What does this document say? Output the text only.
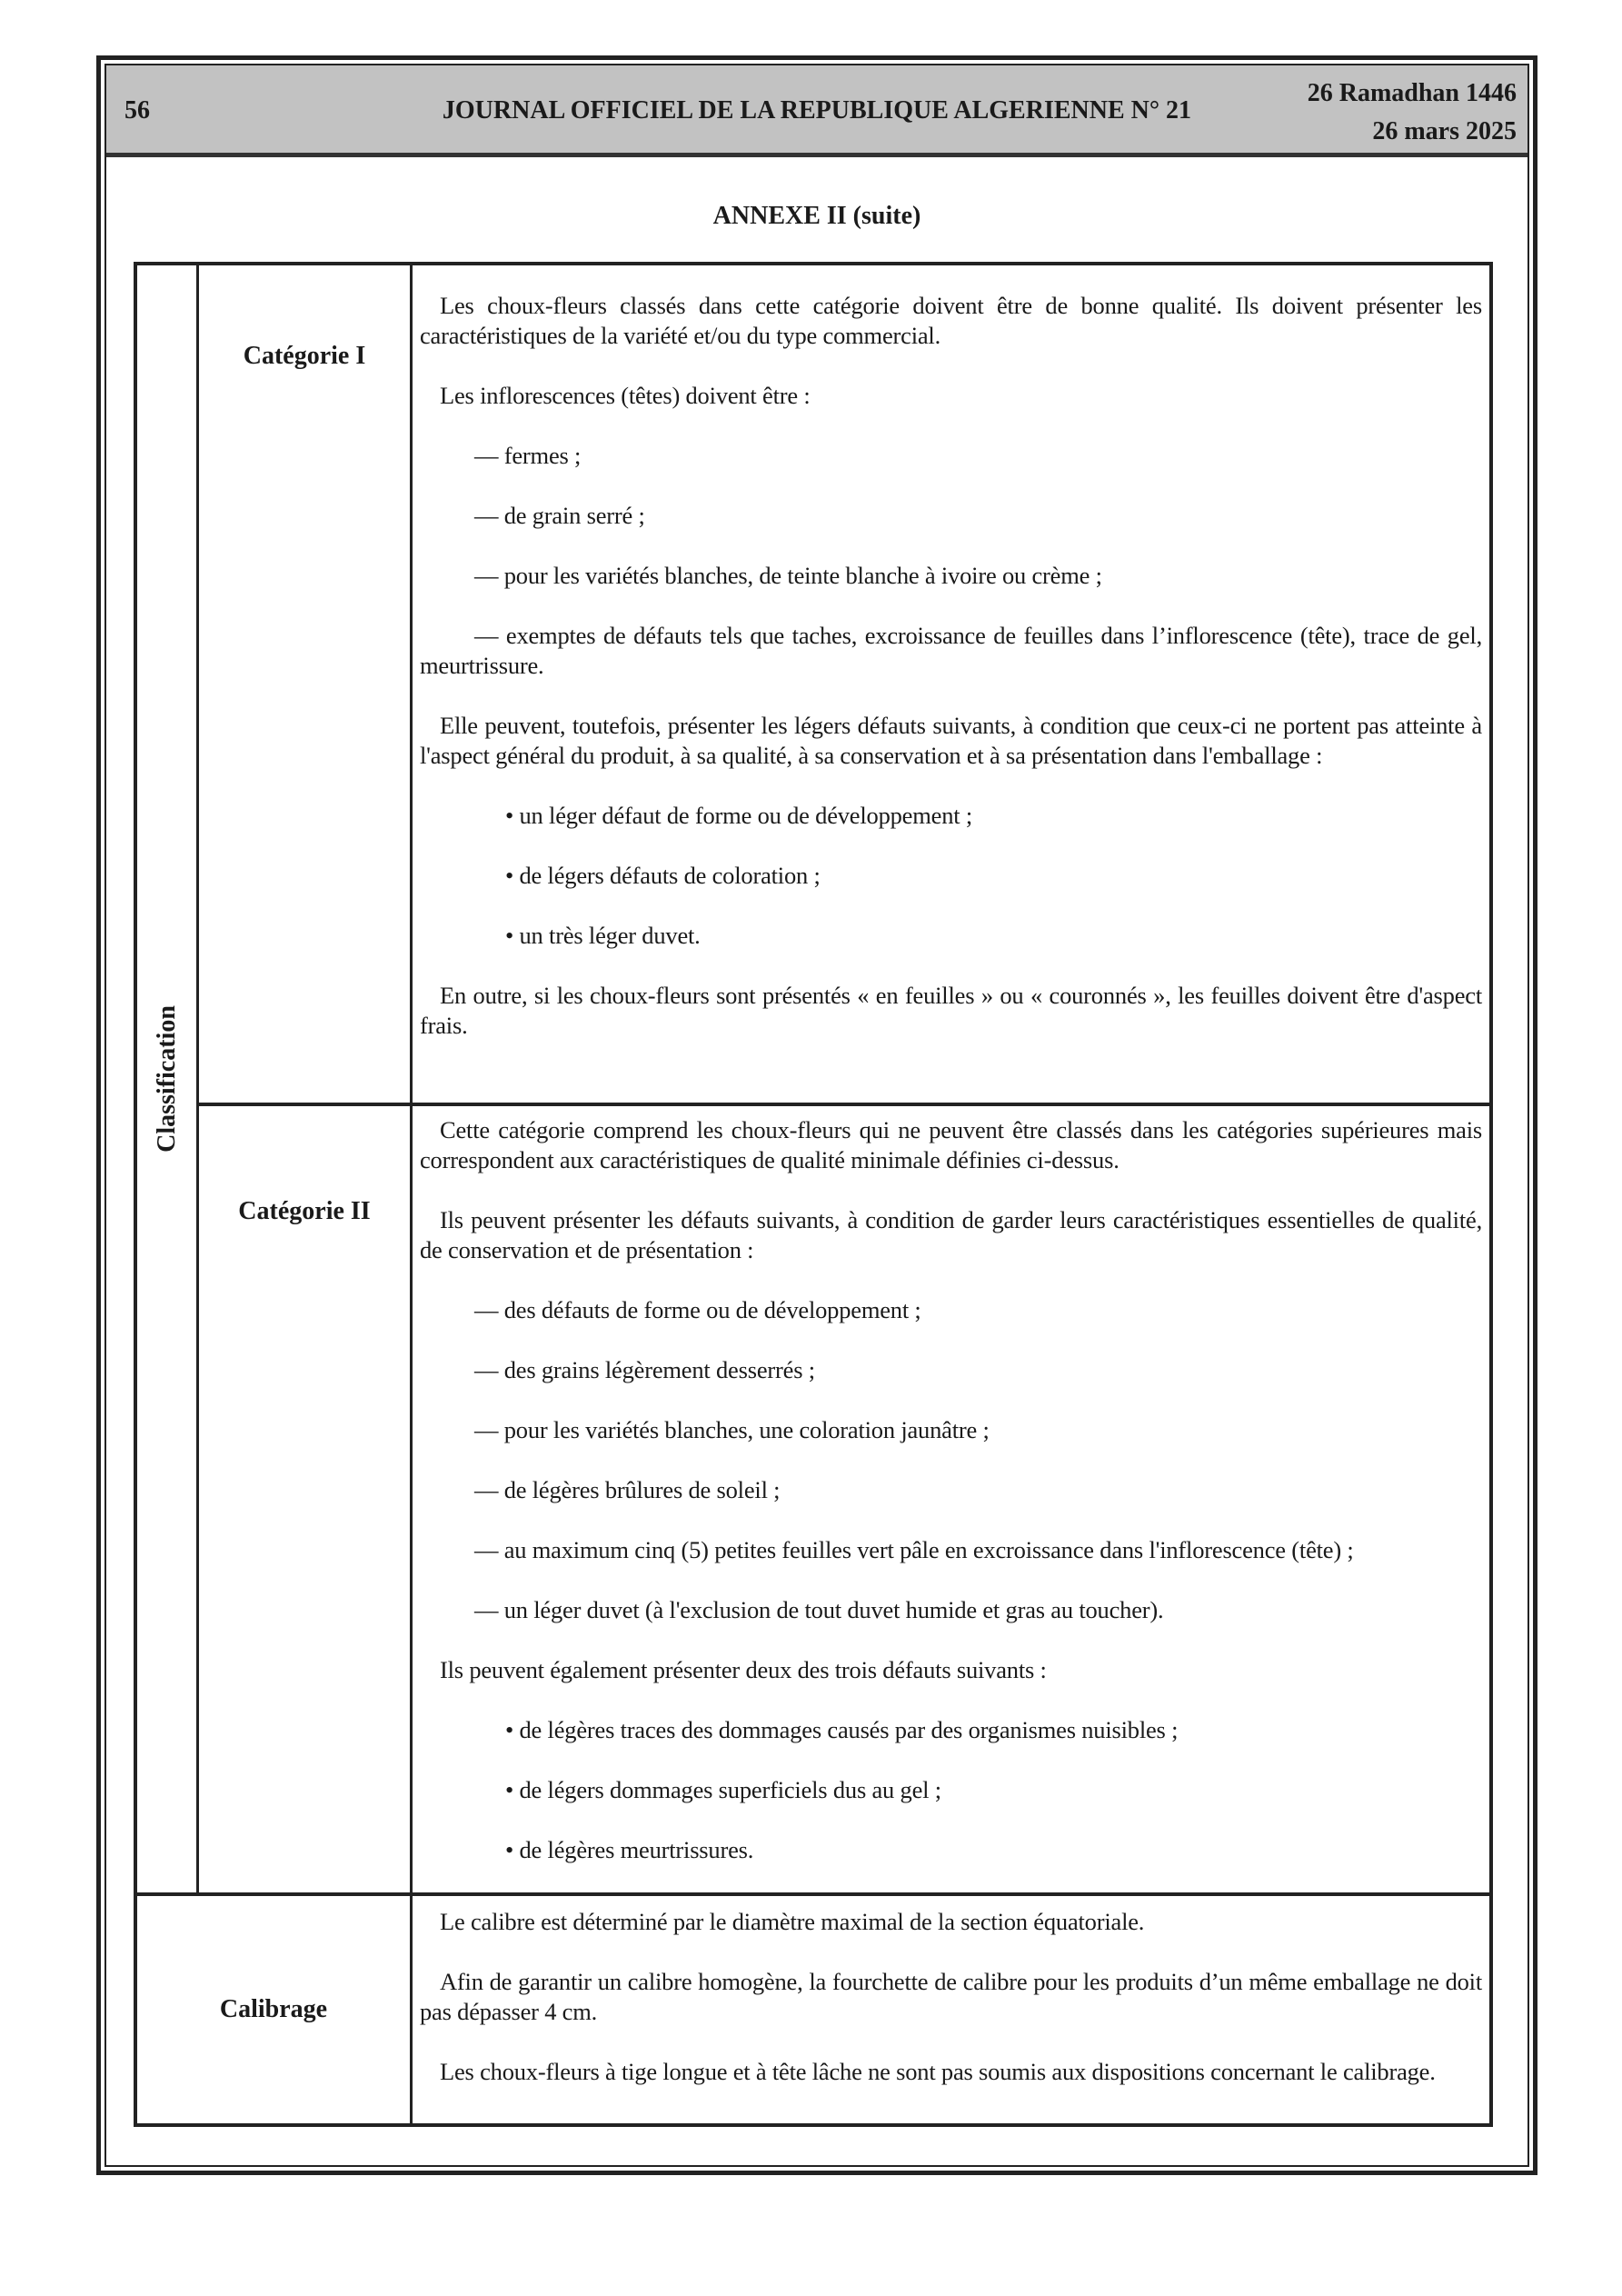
56	JOURNAL OFFICIEL DE LA REPUBLIQUE ALGERIENNE N° 21
26 Ramadhan 1446
26 mars 2025
ANNEXE II (suite)
Classification
Catégorie I

Les choux-fleurs classés dans cette catégorie doivent être de bonne qualité. Ils doivent présenter les caractéristiques de la variété et/ou du type commercial.

Les inflorescences (têtes) doivent être :

— fermes ;

— de grain serré ;

— pour les variétés blanches, de teinte blanche à ivoire ou crème ;

— exemptes de défauts tels que taches, excroissance de feuilles dans l’inflorescence (tête), trace de gel, meurtrissure.

Elle peuvent, toutefois, présenter les légers défauts suivants, à condition que ceux-ci ne portent pas atteinte à l'aspect général du produit, à sa qualité, à sa conservation et à sa présentation dans l'emballage :

• un léger défaut de forme ou de développement ;

• de légers défauts de coloration ;

• un très léger duvet.

En outre, si les choux-fleurs sont présentés « en feuilles » ou « couronnés », les feuilles doivent être d'aspect frais.

Catégorie II

Cette catégorie comprend les choux-fleurs qui ne peuvent être classés dans les catégories supérieures mais correspondent aux caractéristiques de qualité minimale définies ci-dessus.

Ils peuvent présenter les défauts suivants, à condition de garder leurs caractéristiques essentielles de qualité, de conservation et de présentation :

— des défauts de forme ou de développement ;

— des grains légèrement desserrés ;

— pour les variétés blanches, une coloration jaunâtre ;

— de légères brûlures de soleil ;

— au maximum cinq (5) petites feuilles vert pâle en excroissance dans l'inflorescence (tête) ;

— un léger duvet (à l'exclusion de tout duvet humide et gras au toucher).

Ils peuvent également présenter deux des trois défauts suivants :

• de légères traces des dommages causés par des organismes nuisibles ;

• de légers dommages superficiels dus au gel ;

• de légères meurtrissures.

Calibrage

Le calibre est déterminé par le diamètre maximal de la section équatoriale.

Afin de garantir un calibre homogène, la fourchette de calibre pour les produits d’un même emballage ne doit pas dépasser 4 cm.

Les choux-fleurs à tige longue et à tête lâche ne sont pas soumis aux dispositions concernant le calibrage.
